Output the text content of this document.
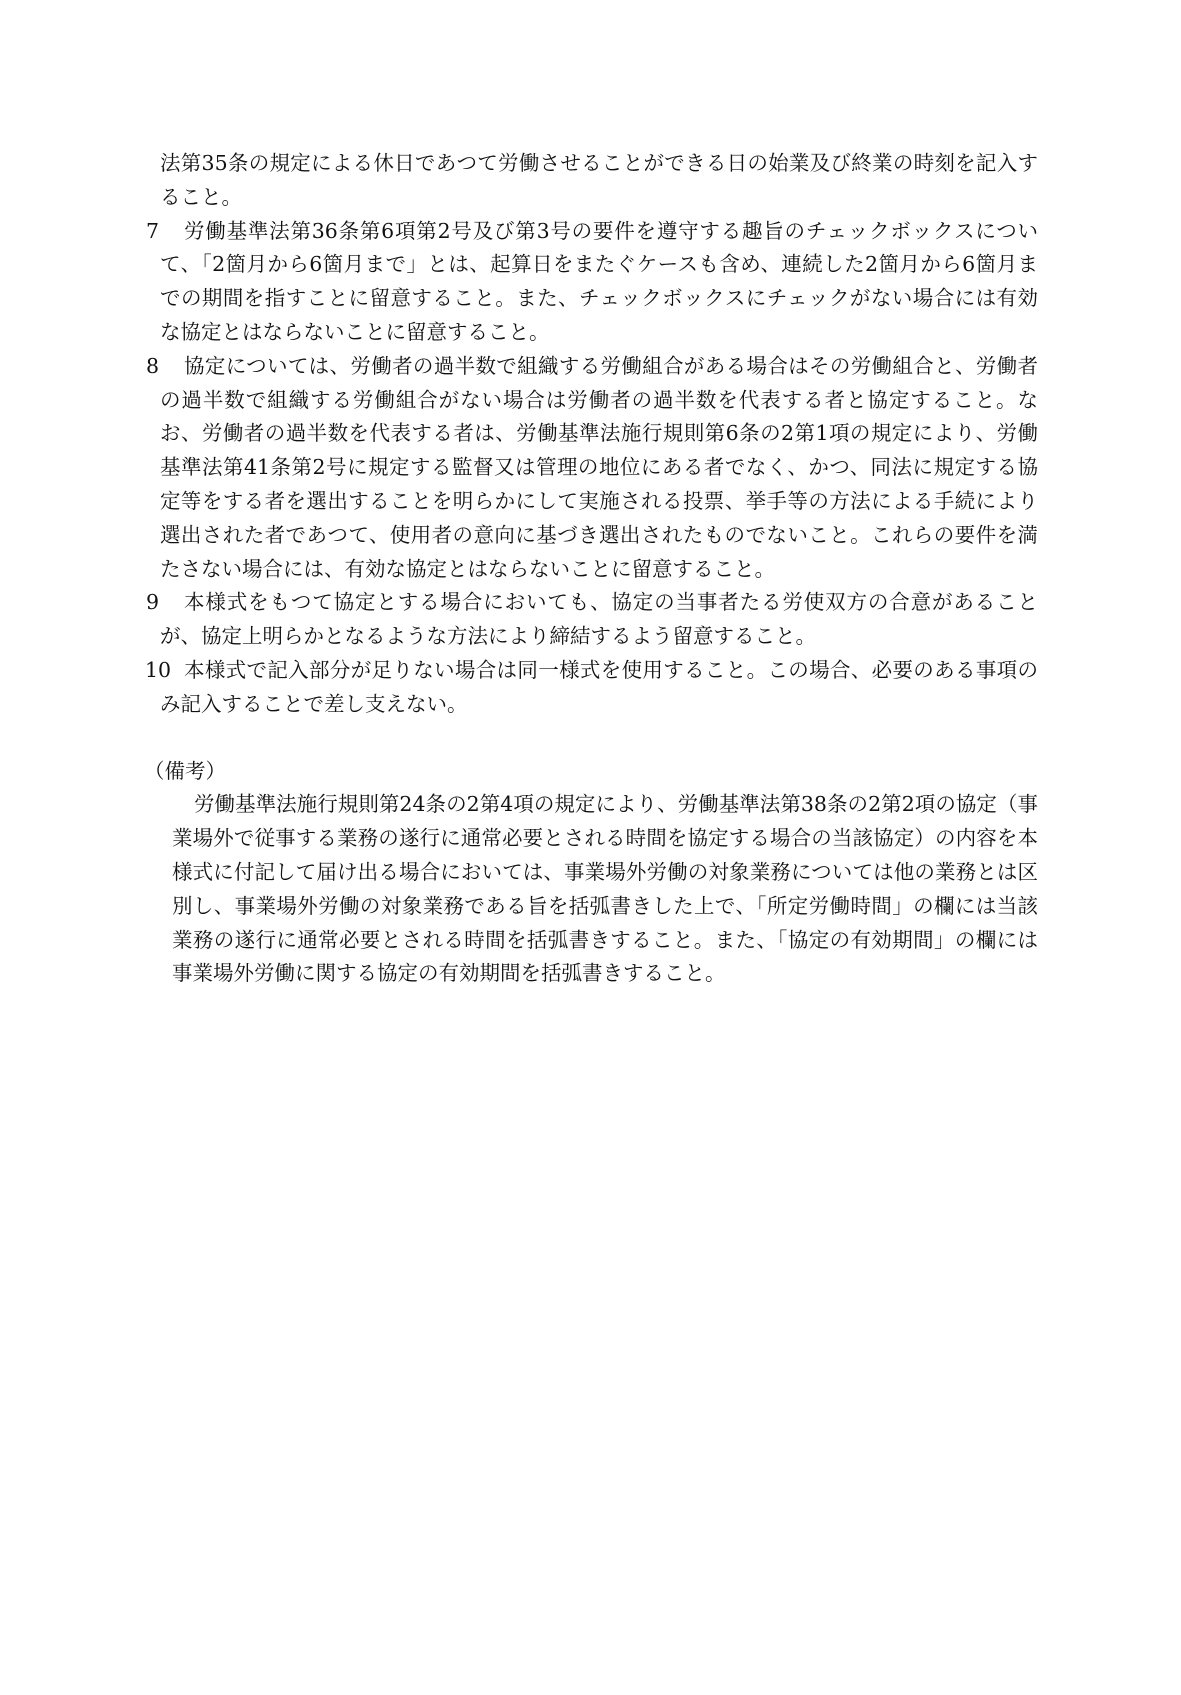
法第35条の規定による休日であつて労働させることができる日の始業及び終業の時刻を記入すること。
7	労働基準法第36条第6項第2号及び第3号の要件を遵守する趣旨のチェックボックスについて、「2箇月から6箇月まで」とは、起算日をまたぐケースも含め、連続した2箇月から6箇月までの期間を指すことに留意すること。また、チェックボックスにチェックがない場合には有効な協定とはならないことに留意すること。
8	協定については、労働者の過半数で組織する労働組合がある場合はその労働組合と、労働者の過半数で組織する労働組合がない場合は労働者の過半数を代表する者と協定すること。なお、労働者の過半数を代表する者は、労働基準法施行規則第6条の2第1項の規定により、労働基準法第41条第2号に規定する監督又は管理の地位にある者でなく、かつ、同法に規定する協定等をする者を選出することを明らかにして実施される投票、挙手等の方法による手続により選出された者であつて、使用者の意向に基づき選出されたものでないこと。これらの要件を満たさない場合には、有効な協定とはならないことに留意すること。
9	本様式をもつて協定とする場合においても、協定の当事者たる労使双方の合意があることが、協定上明らかとなるような方法により締結するよう留意すること。
10 本様式で記入部分が足りない場合は同一様式を使用すること。この場合、必要のある事項のみ記入することで差し支えない。
（備考）
労働基準法施行規則第24条の2第4項の規定により、労働基準法第38条の2第2項の協定（事業場外で従事する業務の遂行に通常必要とされる時間を協定する場合の当該協定）の内容を本様式に付記して届け出る場合においては、事業場外労働の対象業務については他の業務とは区別し、事業場外労働の対象業務である旨を括弧書きした上で、「所定労働時間」の欄には当該業務の遂行に通常必要とされる時間を括弧書きすること。また、「協定の有効期間」の欄には事業場外労働に関する協定の有効期間を括弧書きすること。
